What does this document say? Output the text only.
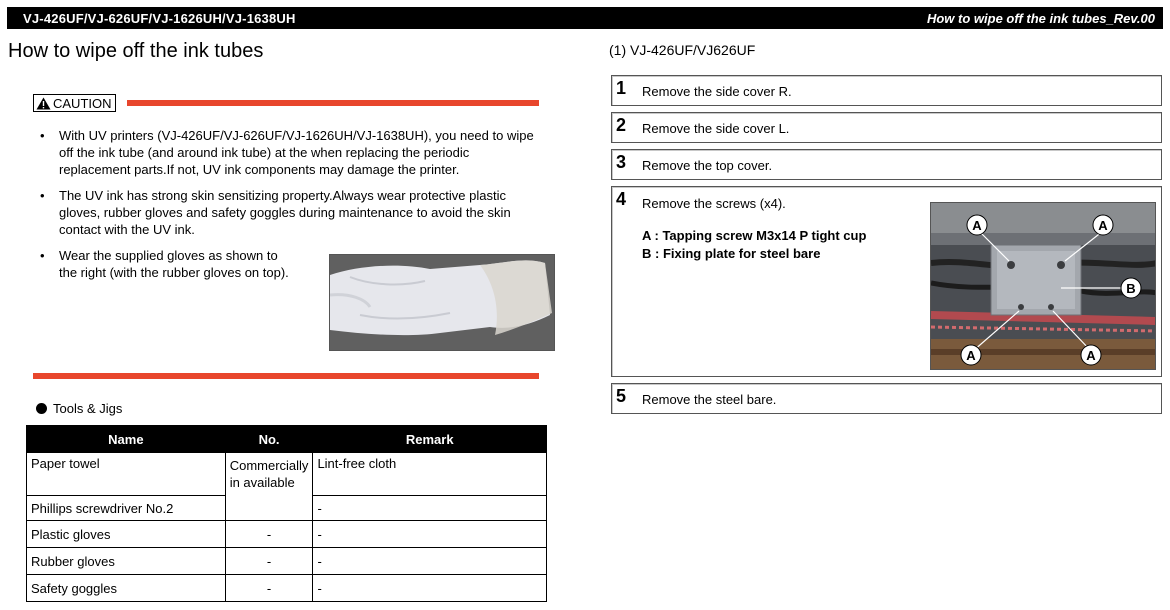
VJ-426UF/VJ-626UF/VJ-1626UH/VJ-1638UH	How to wipe off the ink tubes_Rev.00
How to wipe off the ink tubes
CAUTION
• With UV printers (VJ-426UF/VJ-626UF/VJ-1626UH/VJ-1638UH), you need to wipe off the ink tube (and around ink tube) at the when replacing the periodic replacement parts.If not, UV ink components may damage the printer.
• The UV ink has strong skin sensitizing property.Always wear protective plastic gloves, rubber gloves and safety goggles during maintenance to avoid the skin contact with the UV ink.
• Wear the supplied gloves as shown to the right (with the rubber gloves on top).
Tools & Jigs
Name	No.	Remark
Paper towel	Commercially in available	Lint-free cloth
Phillips screwdriver No.2		-
Plastic gloves	-	-
Rubber gloves	-	-
Safety goggles	-	-
(1) VJ-426UF/VJ626UF
1 Remove the side cover R.
2 Remove the side cover L.
3 Remove the top cover.
4 Remove the screws (x4).
A : Tapping screw M3x14 P tight cup
B : Fixing plate for steel bare
A	A
B
A	A
5 Remove the steel bare.
